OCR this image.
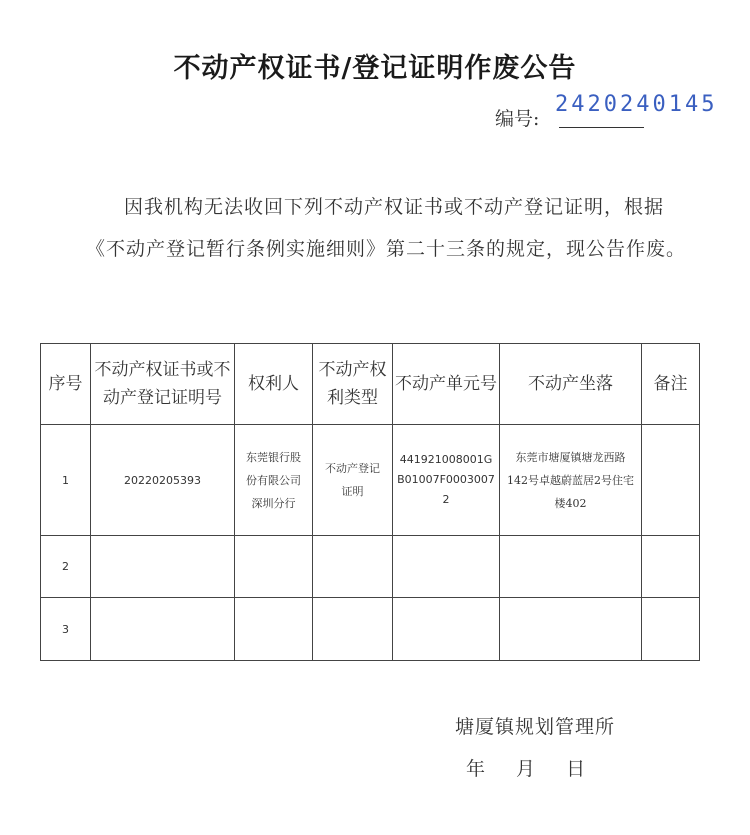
不动产权证书/登记证明作废公告
编号:
2420240145

因我机构无法收回下列不动产权证书或不动产登记证明，根据《不动产登记暂行条例实施细则》第二十三条的规定，现公告作废。

序号	不动产权证书或不动产登记证明号	权利人	不动产权利类型	不动产单元号	不动产坐落	备注
1	20220205393	东莞银行股份有限公司深圳分行	不动产登记证明	441921008001GB01007F00030072	东莞市塘厦镇塘龙西路142号卓越蔚蓝居2号住宅楼402	
2						
3						
塘厦镇规划管理所
年 月 日
